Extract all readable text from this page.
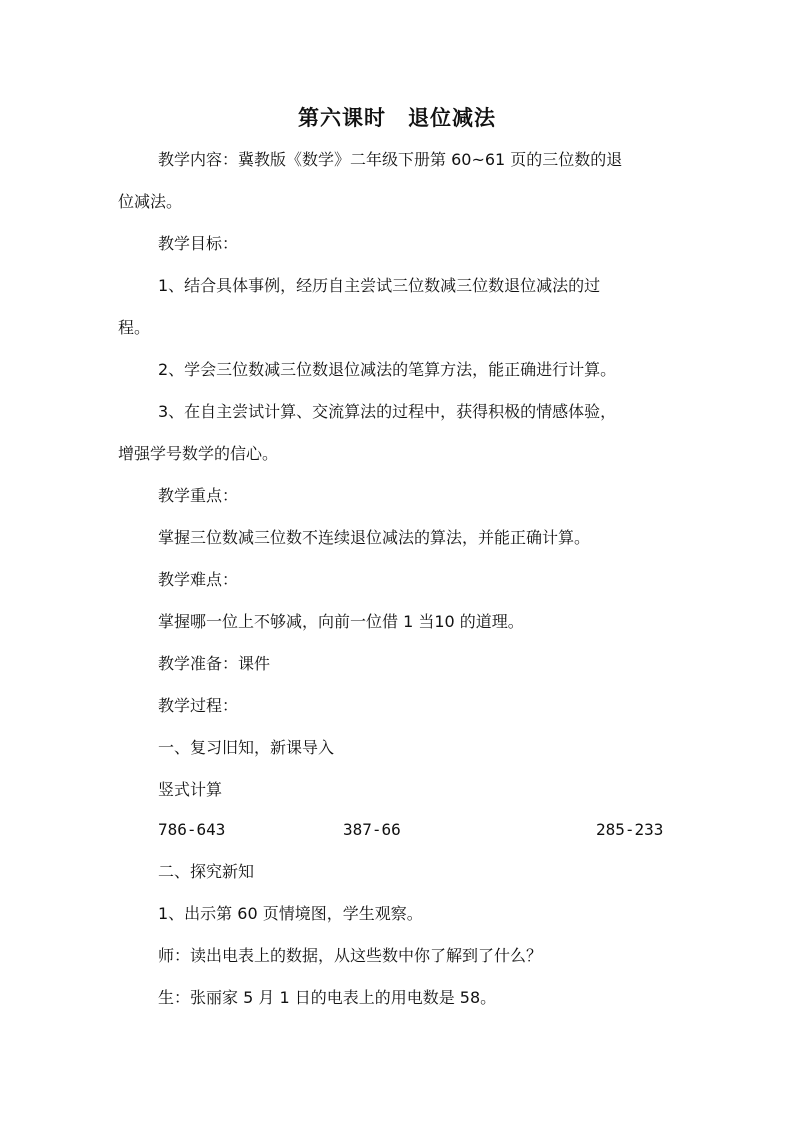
第六课时　退位减法
教学内容：冀教版《数学》二年级下册第 60~61 页的三位数的退
位减法。
教学目标：
1、结合具体事例，经历自主尝试三位数减三位数退位减法的过
程。
2、学会三位数减三位数退位减法的笔算方法，能正确进行计算。
3、在自主尝试计算、交流算法的过程中，获得积极的情感体验，
增强学号数学的信心。
教学重点：
掌握三位数减三位数不连续退位减法的算法，并能正确计算。
教学难点：
掌握哪一位上不够减，向前一位借 1 当10 的道理。
教学准备：课件
教学过程：
一、复习旧知，新课导入
竖式计算
786-643	387-66	285-233
二、探究新知
1、出示第 60 页情境图，学生观察。
师：读出电表上的数据，从这些数中你了解到了什么？
生：张丽家 5 月 1 日的电表上的用电数是 58。
